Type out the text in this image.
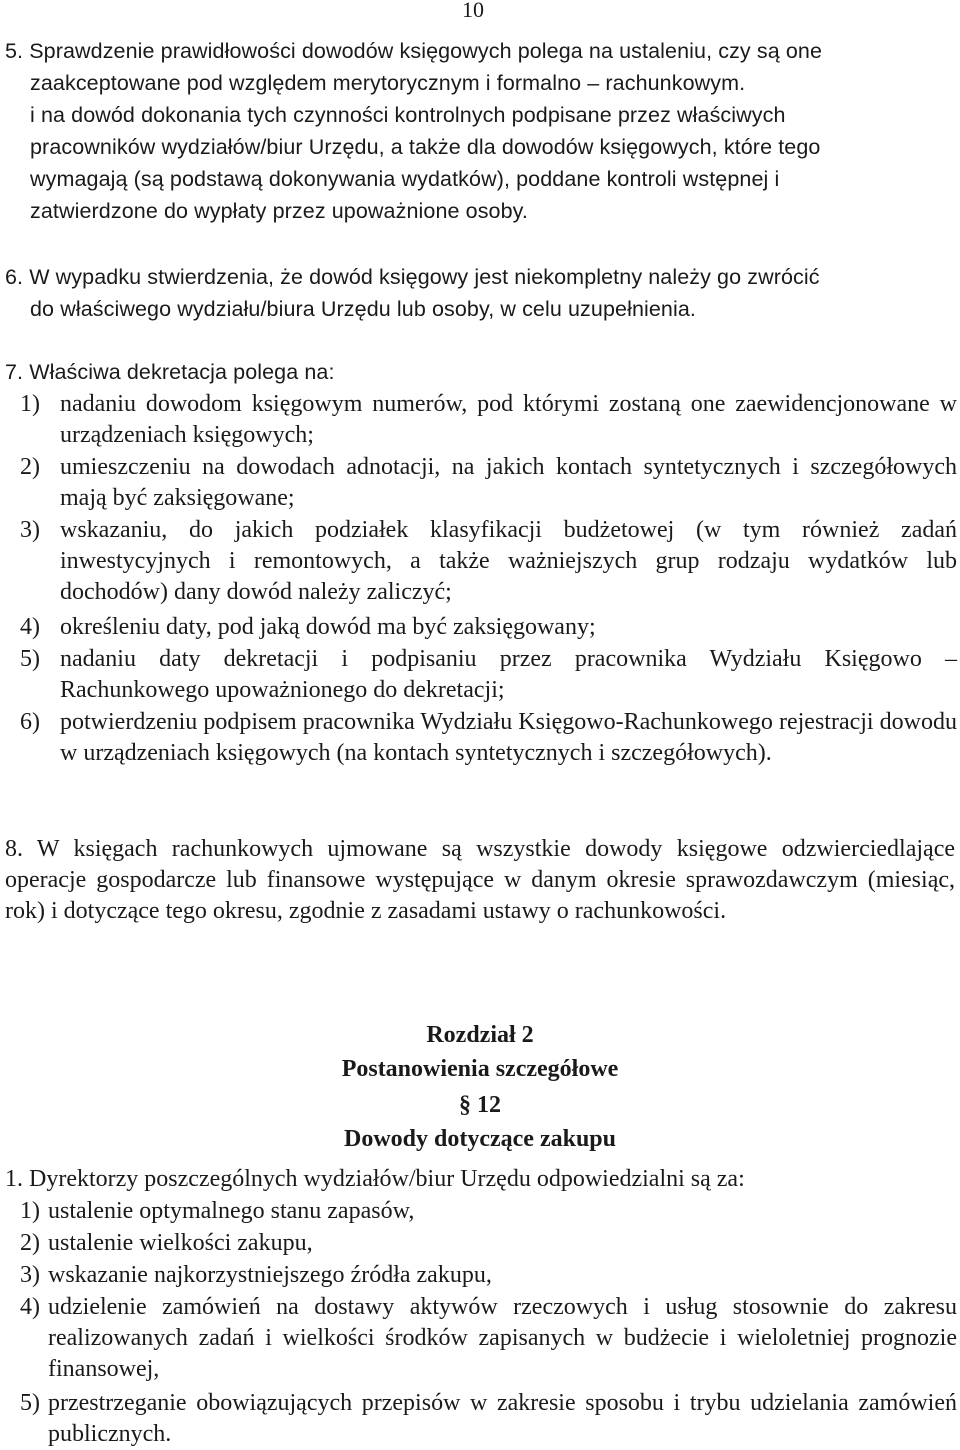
10
5. Sprawdzenie prawidłowości dowodów księgowych polega na ustaleniu, czy są one
zaakceptowane pod względem merytorycznym i formalno – rachunkowym.
i na dowód dokonania tych czynności kontrolnych podpisane przez właściwych
pracowników wydziałów/biur Urzędu, a także dla dowodów księgowych, które tego
wymagają (są podstawą dokonywania wydatków), poddane kontroli wstępnej i
zatwierdzone do wypłaty przez upoważnione osoby.
6. W wypadku stwierdzenia, że dowód księgowy jest niekompletny należy go zwrócić
do właściwego wydziału/biura Urzędu lub osoby, w celu uzupełnienia.
7. Właściwa dekretacja polega na:
1) nadaniu dowodom księgowym numerów, pod którymi zostaną one zaewidencjonowane w urządzeniach księgowych;
2) umieszczeniu na dowodach adnotacji, na jakich kontach syntetycznych i szczegółowych mają być zaksięgowane;
3) wskazaniu, do jakich podziałek klasyfikacji budżetowej (w tym również zadań inwestycyjnych i remontowych, a także ważniejszych grup rodzaju wydatków lub dochodów) dany dowód należy zaliczyć;
4) określeniu daty, pod jaką dowód ma być zaksięgowany;
5) nadaniu daty dekretacji i podpisaniu przez pracownika Wydziału Księgowo – Rachunkowego upoważnionego do dekretacji;
6) potwierdzeniu podpisem pracownika Wydziału Księgowo-Rachunkowego rejestracji dowodu w urządzeniach księgowych (na kontach syntetycznych i szczegółowych).
8. W księgach rachunkowych ujmowane są wszystkie dowody księgowe odzwierciedlające operacje gospodarcze lub finansowe występujące w danym okresie sprawozdawczym (miesiąc, rok) i dotyczące tego okresu, zgodnie z zasadami ustawy o rachunkowości.
Rozdział 2
Postanowienia szczegółowe
§ 12
Dowody dotyczące zakupu
1. Dyrektorzy poszczególnych wydziałów/biur Urzędu odpowiedzialni są za:
1) ustalenie optymalnego stanu zapasów,
2) ustalenie wielkości zakupu,
3) wskazanie najkorzystniejszego źródła zakupu,
4) udzielenie zamówień na dostawy aktywów rzeczowych i usług stosownie do zakresu realizowanych zadań i wielkości środków zapisanych w budżecie i wieloletniej prognozie finansowej,
5) przestrzeganie obowiązujących przepisów w zakresie sposobu i trybu udzielania zamówień publicznych.
